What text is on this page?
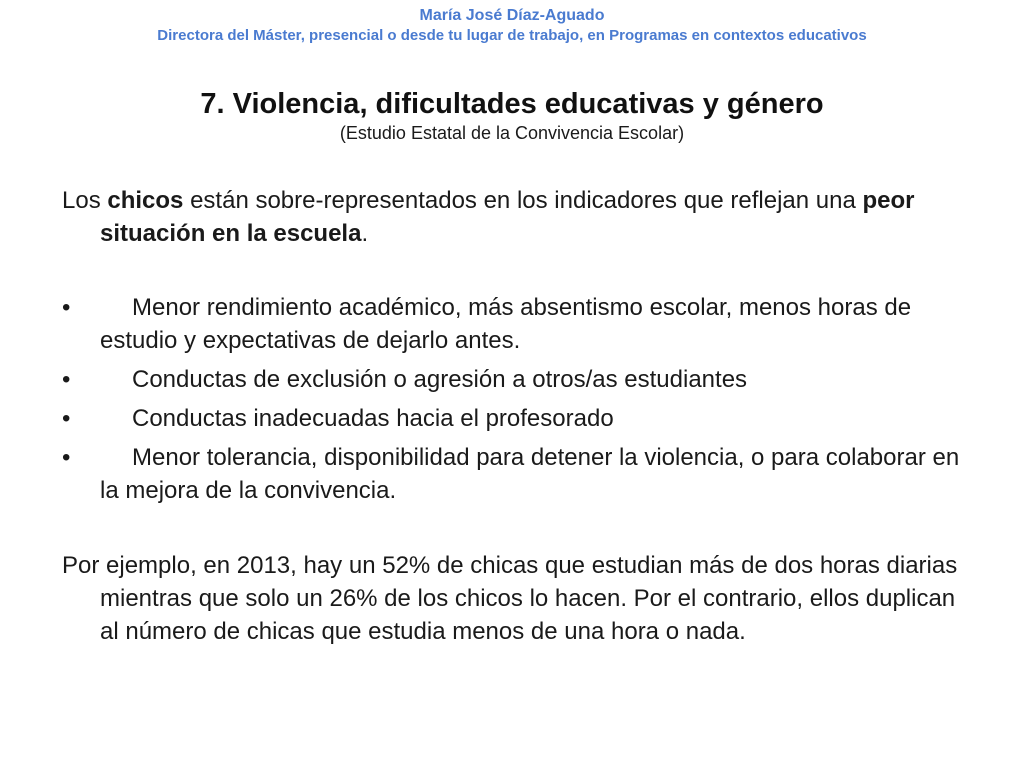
María José Díaz-Aguado
Directora del Máster, presencial o desde tu lugar de trabajo, en Programas en contextos educativos
7. Violencia, dificultades educativas y género
(Estudio Estatal de la Convivencia Escolar)

Los chicos están sobre-representados en los indicadores que reflejan una peor situación en la escuela.

•	Menor rendimiento académico, más absentismo escolar, menos horas de estudio y expectativas de dejarlo antes.
•	Conductas de exclusión o agresión a otros/as estudiantes
•	Conductas inadecuadas hacia el profesorado
•	Menor tolerancia, disponibilidad para detener la violencia, o para colaborar en la mejora de la convivencia.

Por ejemplo, en 2013, hay un 52% de chicas que estudian más de dos horas diarias mientras que solo un 26% de los chicos lo hacen. Por el contrario, ellos duplican al número de chicas que estudia menos de una hora o nada.
